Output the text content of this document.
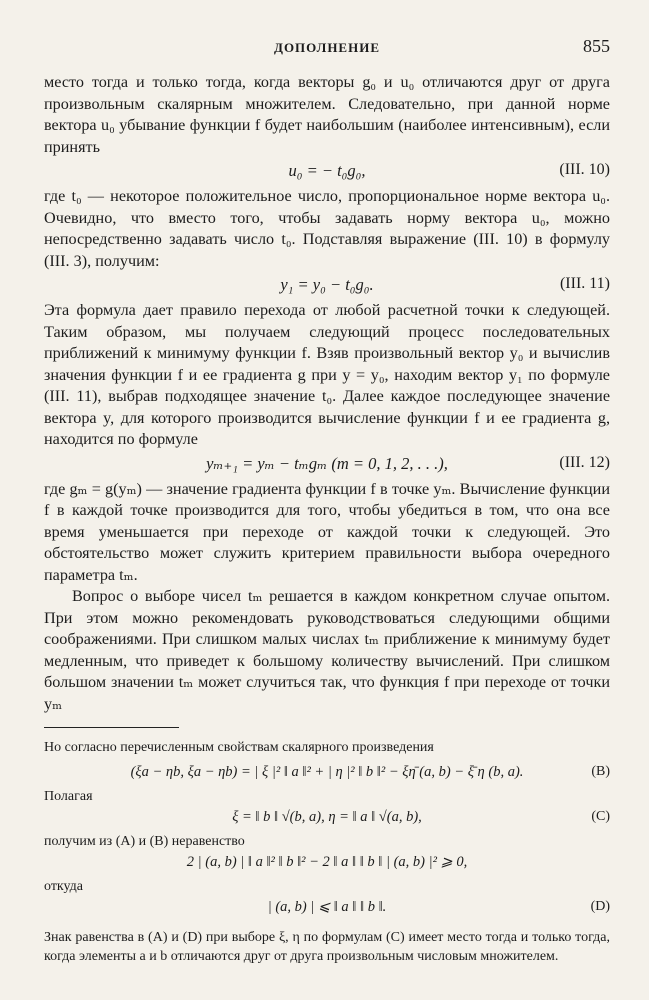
ДОПОЛНЕНИЕ	855

место тогда и только тогда, когда векторы g₀ и u₀ отличаются друг от друга произвольным скалярным множителем. Следовательно, при данной норме вектора u₀ убывание функции f будет наибольшим (наиболее интенсивным), если принять

u₀ = − t₀g₀,	(III. 10)

где t₀ — некоторое положительное число, пропорциональное норме вектора u₀. Очевидно, что вместо того, чтобы задавать норму вектора u₀, можно непосредственно задавать число t₀. Подставляя выражение (III. 10) в формулу (III. 3), получим:

y₁ = y₀ − t₀g₀.	(III. 11)

Эта формула дает правило перехода от любой расчетной точки к следующей. Таким образом, мы получаем следующий процесс последовательных приближений к минимуму функции f. Взяв произвольный вектор y₀ и вычислив значения функции f и ее градиента g при y = y₀, находим вектор y₁ по формуле (III. 11), выбрав подходящее значение t₀. Далее каждое последующее значение вектора y, для которого производится вычисление функции f и ее градиента g, находится по формуле

yₘ₊₁ = yₘ − tₘgₘ (m = 0, 1, 2, . . .),	(III. 12)

где gₘ = g(yₘ) — значение градиента функции f в точке yₘ. Вычисление функции f в каждой точке производится для того, чтобы убедиться в том, что она все время уменьшается при переходе от каждой точки к следующей. Это обстоятельство может служить критерием правильности выбора очередного параметра tₘ.

Вопрос о выборе чисел tₘ решается в каждом конкретном случае опытом. При этом можно рекомендовать руководствоваться следующими общими соображениями. При слишком малых числах tₘ приближение к минимуму будет медленным, что приведет к большому количеству вычислений. При слишком большом значении tₘ может случиться так, что функция f при переходе от точки yₘ

Но согласно перечисленным свойствам скалярного произведения

(ξa − ηb, ξa − ηb) = | ξ |² ‖ a ‖² + | η |² ‖ b ‖² − ξη̄ (a, b) − ξ̄ η (b, a).	(B)
Полагая
ξ = ‖ b ‖ √(b, a), η = ‖ a ‖ √(a, b),	(C)

получим из (A) и (B) неравенство

2 | (a, b) | ‖ a ‖² ‖ b ‖² − 2 ‖ a ‖ ‖ b ‖ | (a, b) |² ⩾ 0,
откуда
| (a, b) | ⩽ ‖ a ‖ ‖ b ‖.	(D)

Знак равенства в (A) и (D) при выборе ξ, η по формулам (C) имеет место тогда и только тогда, когда элементы a и b отличаются друг от друга произвольным числовым множителем.
